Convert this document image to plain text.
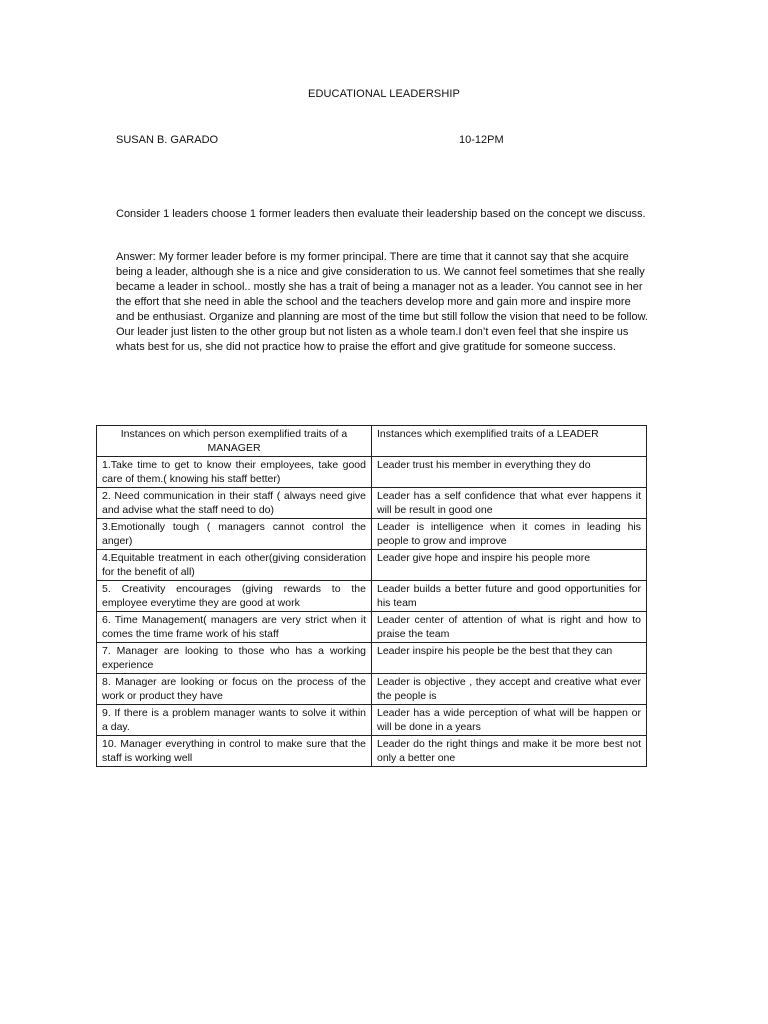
EDUCATIONAL LEADERSHIP
SUSAN B. GARADO	10-12PM

Consider 1 leaders choose 1 former leaders then evaluate their leadership based on the concept we discuss.

Answer: My former leader before is my former principal. There are time that it cannot say that she acquire being a leader, although she is a nice and give consideration to us. We cannot feel sometimes that she really became a leader in school.. mostly she has a trait of being a manager not as a leader. You cannot see in her the effort that she need in able the school and the teachers develop more and gain more and inspire more and be enthusiast. Organize and planning are most of the time but still follow the vision that need to be follow. Our leader just listen to the other group but not listen as a whole team.I don’t even feel that she inspire us whats best for us, she did not practice how to praise the effort and give gratitude for someone success.

Instances on which person exemplified traits of a MANAGER	Instances which exemplified traits of a LEADER
1.Take time to get to know their employees, take good care of them.( knowing his staff better)	Leader trust his member in everything they do
2. Need communication in their staff ( always need give and advise what the staff need to do)	Leader has a self confidence that what ever happens it will be result in good one
3.Emotionally tough ( managers cannot control the anger)	Leader is intelligence when it comes in leading his people to grow and improve
4.Equitable treatment in each other(giving consideration for the benefit of all)	Leader give hope and inspire his people more
5. Creativity encourages (giving rewards to the employee everytime they are good at work	Leader builds a better future and good opportunities for his team
6. Time Management( managers are very strict when it comes the time frame work of his staff	Leader center of attention of what is right and how to praise the team
7. Manager are looking to those who has a working experience	Leader inspire his people be the best that they can
8. Manager are looking or focus on the process of the work or product they have	Leader is objective , they accept and creative what ever the people is
9. If there is a problem manager wants to solve it within a day.	Leader has a wide perception of what will be happen or will be done in a years
10. Manager everything in control to make sure that the staff is working well	Leader do the right things and make it be more best not only a better one
